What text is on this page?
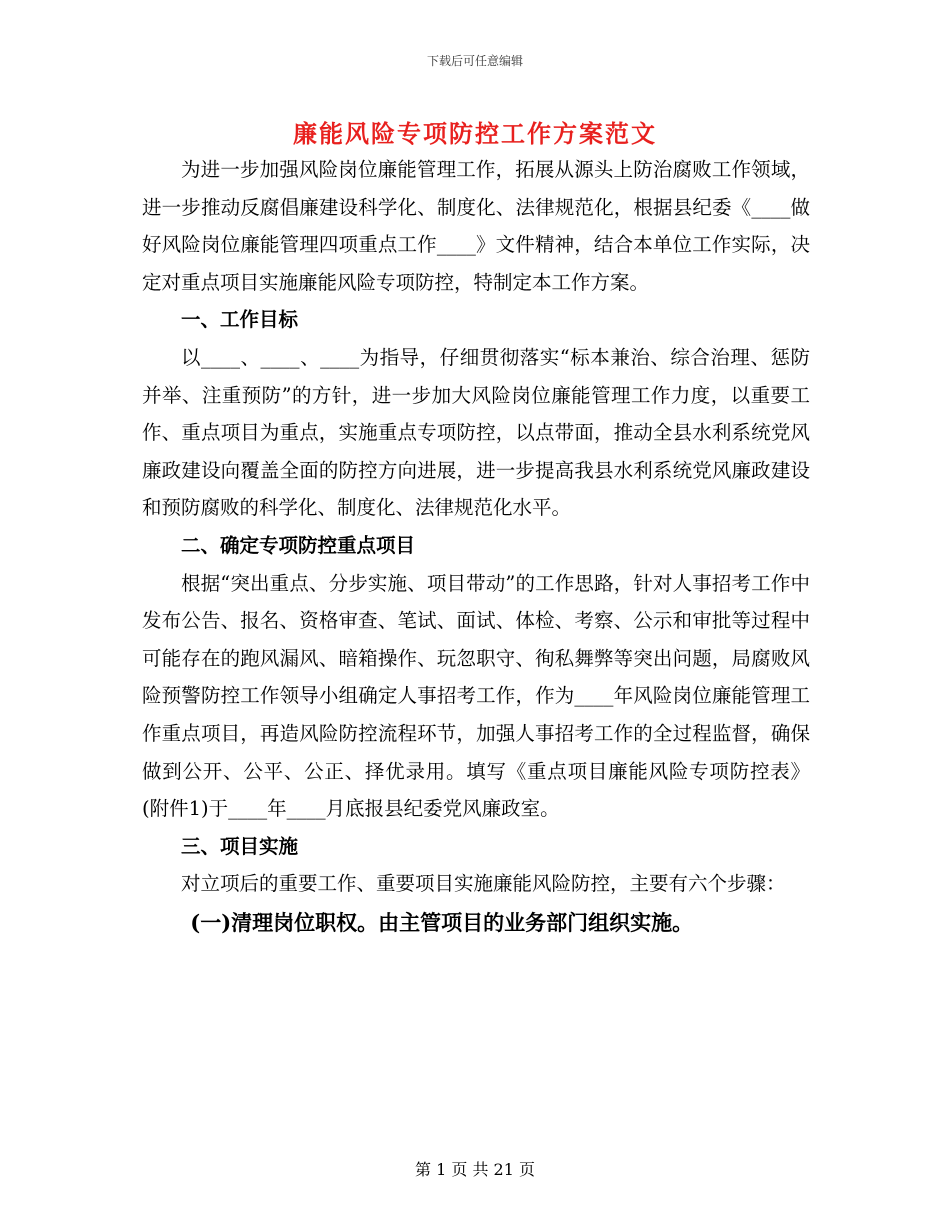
下载后可任意编辑
廉能风险专项防控工作方案范文

为进一步加强风险岗位廉能管理工作，拓展从源头上防治腐败工作领域，进一步推动反腐倡廉建设科学化、制度化、法律规范化，根据县纪委《____做好风险岗位廉能管理四项重点工作____》文件精神，结合本单位工作实际，决定对重点项目实施廉能风险专项防控，特制定本工作方案。

一、工作目标

以____、____、____为指导，仔细贯彻落实“标本兼治、综合治理、惩防并举、注重预防”的方针，进一步加大风险岗位廉能管理工作力度，以重要工作、重点项目为重点，实施重点专项防控，以点带面，推动全县水利系统党风廉政建设向覆盖全面的防控方向进展，进一步提高我县水利系统党风廉政建设和预防腐败的科学化、制度化、法律规范化水平。

二、确定专项防控重点项目

根据“突出重点、分步实施、项目带动”的工作思路，针对人事招考工作中发布公告、报名、资格审查、笔试、面试、体检、考察、公示和审批等过程中可能存在的跑风漏风、暗箱操作、玩忽职守、徇私舞弊等突出问题，局腐败风险预警防控工作领导小组确定人事招考工作，作为____年风险岗位廉能管理工作重点项目，再造风险防控流程环节，加强人事招考工作的全过程监督，确保做到公开、公平、公正、择优录用。填写《重点项目廉能风险专项防控表》(附件1)于____年____月底报县纪委党风廉政室。

三、项目实施

对立项后的重要工作、重要项目实施廉能风险防控，主要有六个步骤：

(一)清理岗位职权。由主管项目的业务部门组织实施。
第 1 页 共 21 页
